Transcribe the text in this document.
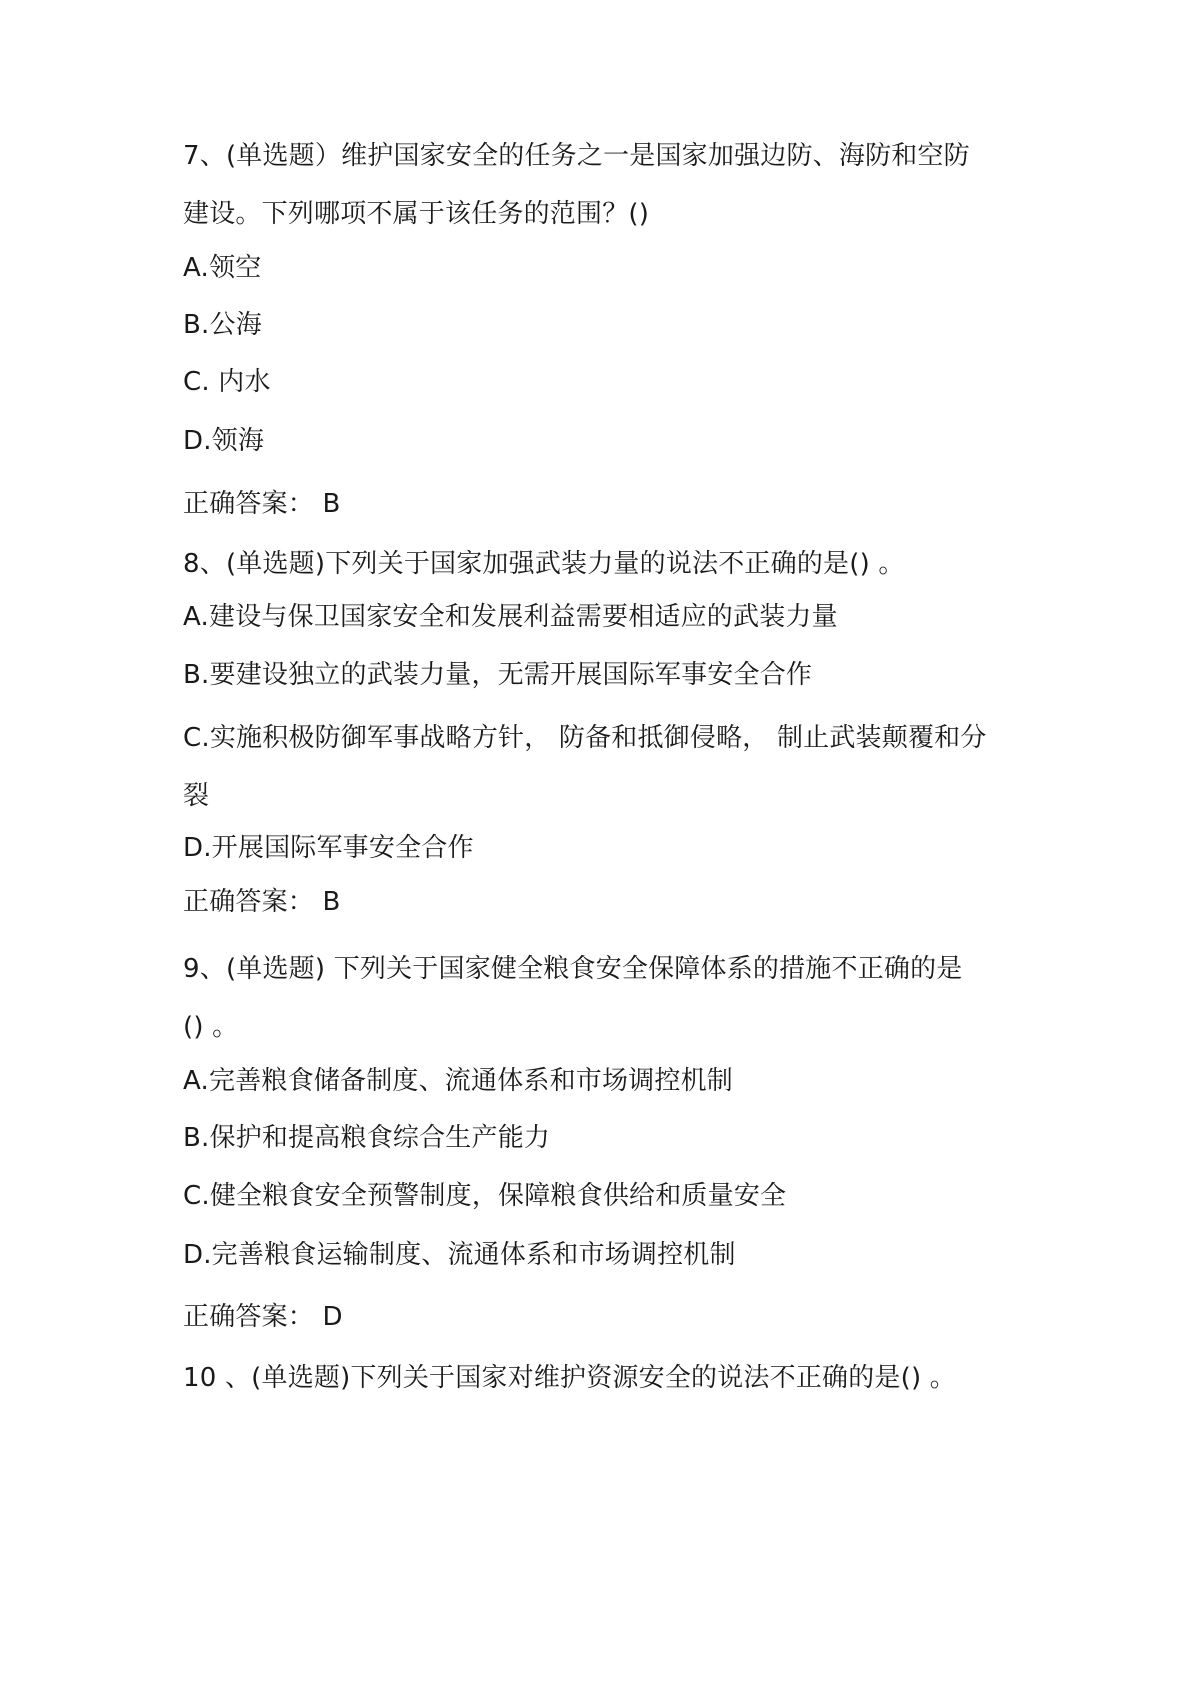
7、(单选题）维护国家安全的任务之一是国家加强边防、海防和空防
建设。下列哪项不属于该任务的范围？()
A.领空
B.公海
C. 内水
D.领海
正确答案： B
8、(单选题)下列关于国家加强武装力量的说法不正确的是() 。
A.建设与保卫国家安全和发展利益需要相适应的武装力量
B.要建设独立的武装力量，无需开展国际军事安全合作
C.实施积极防御军事战略方针， 防备和抵御侵略， 制止武装颠覆和分
裂
D.开展国际军事安全合作
正确答案： B
9、(单选题) 下列关于国家健全粮食安全保障体系的措施不正确的是
() 。
A.完善粮食储备制度、流通体系和市场调控机制
B.保护和提高粮食综合生产能力
C.健全粮食安全预警制度，保障粮食供给和质量安全
D.完善粮食运输制度、流通体系和市场调控机制
正确答案： D
10 、(单选题)下列关于国家对维护资源安全的说法不正确的是() 。
